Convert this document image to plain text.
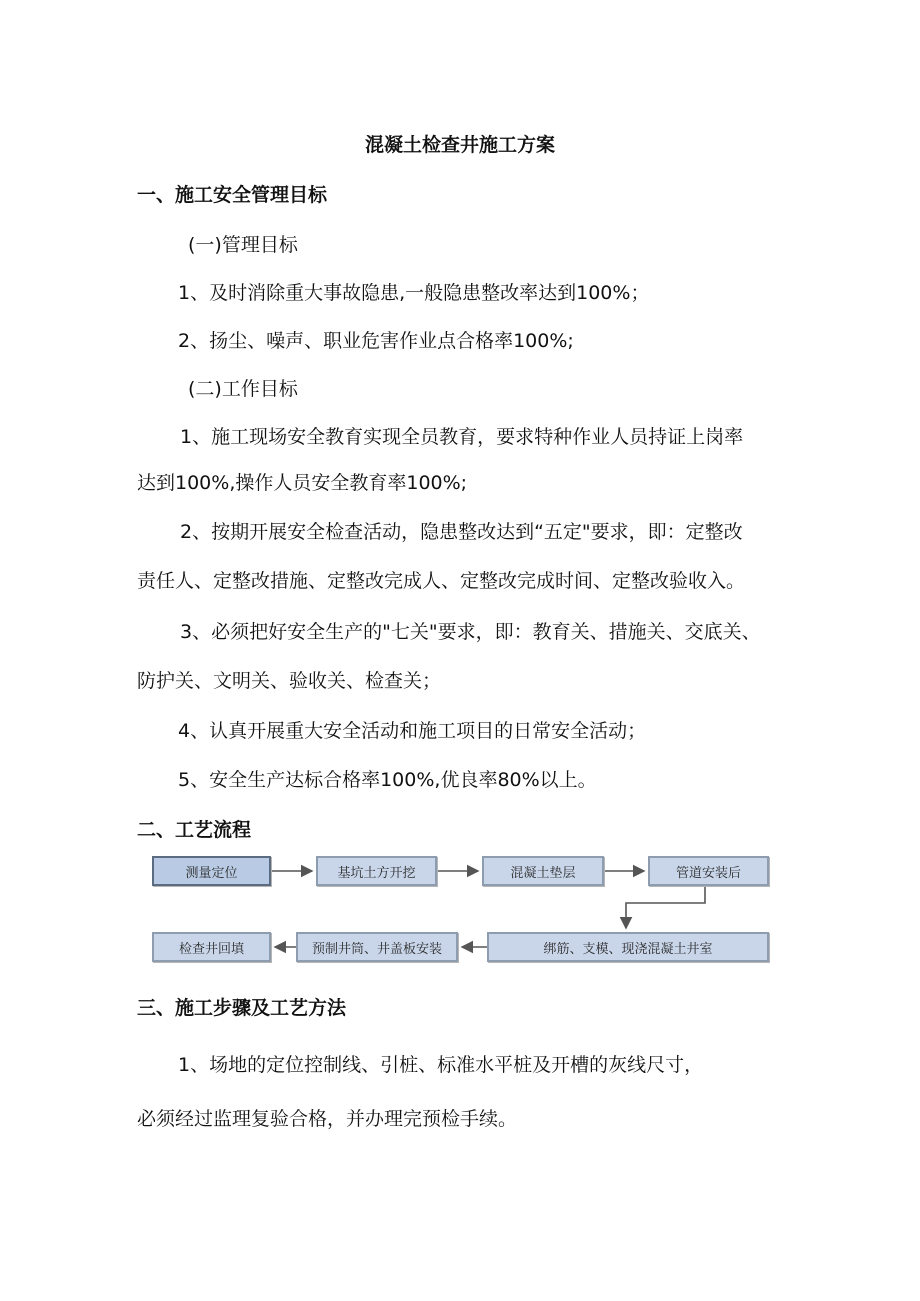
混凝土检查井施工方案
一、施工安全管理目标
(一)管理目标
1、及时消除重大事故隐患,一般隐患整改率达到100%；
2、扬尘、噪声、职业危害作业点合格率100%;
(二)工作目标
1、施工现场安全教育实现全员教育，要求特种作业人员持证上岗率
达到100%,操作人员安全教育率100%;
2、按期开展安全检查活动，隐患整改达到“五定"要求，即：定整改
责任人、定整改措施、定整改完成人、定整改完成时间、定整改验收入。
3、必须把好安全生产的"七关"要求，即：教育关、措施关、交底关、
防护关、文明关、验收关、检查关；
4、认真开展重大安全活动和施工项目的日常安全活动；
5、安全生产达标合格率100%,优良率80%以上。
二、工艺流程
测量定位	基坑土方开挖	混凝土垫层	管道安装后
绑筋、支模、现浇混凝土井室
预制井筒、井盖板安装
检查井回填
三、施工步骤及工艺方法
1、场地的定位控制线、引桩、标准水平桩及开槽的灰线尺寸，
必须经过监理复验合格，并办理完预检手续。
